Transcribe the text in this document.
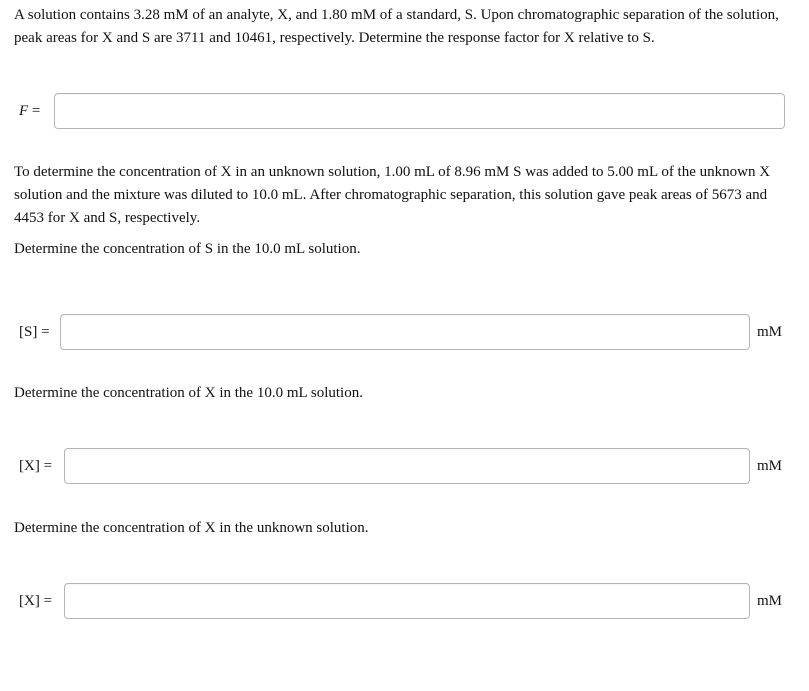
A solution contains 3.28 mM of an analyte, X, and 1.80 mM of a standard, S. Upon chromatographic separation of the solution, peak areas for X and S are 3711 and 10461, respectively. Determine the response factor for X relative to S.

F =

To determine the concentration of X in an unknown solution, 1.00 mL of 8.96 mM S was added to 5.00 mL of the unknown X solution and the mixture was diluted to 10.0 mL. After chromatographic separation, this solution gave peak areas of 5673 and 4453 for X and S, respectively.

Determine the concentration of S in the 10.0 mL solution.

[S] =	mM

Determine the concentration of X in the 10.0 mL solution.

[X] =	mM

Determine the concentration of X in the unknown solution.

[X] =	mM
